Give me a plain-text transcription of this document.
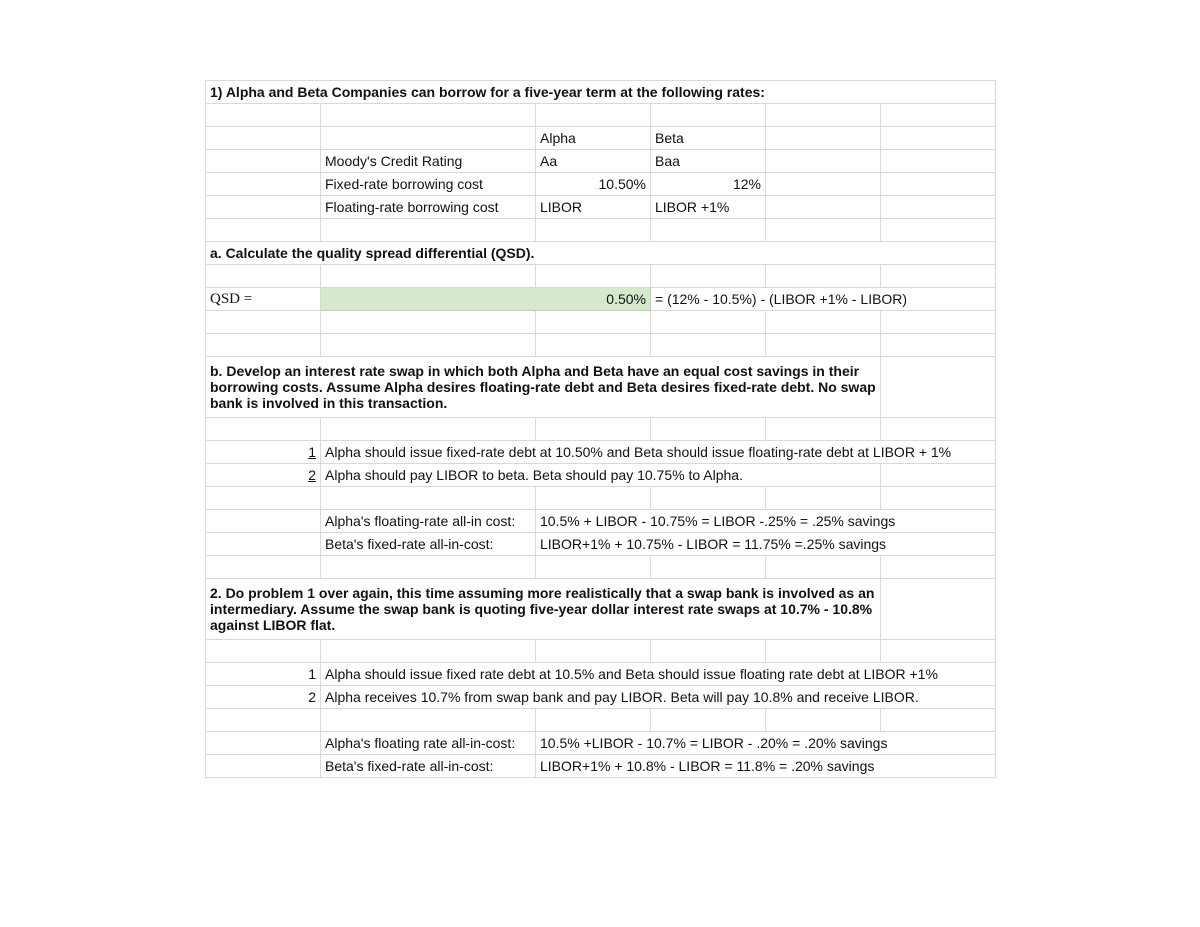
1) Alpha and Beta Companies can borrow for a five-year term at the following rates:					

		Alpha	Beta		
	Moody's Credit Rating	Aa	Baa		
	Fixed-rate borrowing cost	10.50%	12%		
	Floating-rate borrowing cost	LIBOR	LIBOR +1%		

a. Calculate the quality spread differential (QSD).					

QSD =	0.50%		= (12% - 10.5%) - (LIBOR +1% - LIBOR)		

b. Develop an interest rate swap in which both Alpha and Beta have an equal cost savings in their borrowing costs. Assume Alpha desires floating-rate debt and Beta desires fixed-rate debt. No swap bank is involved in this transaction.					

1	Alpha should issue fixed-rate debt at 10.50% and Beta should issue floating-rate debt at LIBOR + 1%				
2	Alpha should pay LIBOR to beta. Beta should pay 10.75% to Alpha.				

	Alpha's floating-rate all-in cost:	10.5% + LIBOR - 10.75% = LIBOR -.25% = .25% savings			
	Beta's fixed-rate all-in-cost:	LIBOR+1% + 10.75% - LIBOR = 11.75% =.25% savings			

2. Do problem 1 over again, this time assuming more realistically that a swap bank is involved as an intermediary. Assume the swap bank is quoting five-year dollar interest rate swaps at 10.7% - 10.8% against LIBOR flat.					

1	Alpha should issue fixed rate debt at 10.5% and Beta should issue floating rate debt at LIBOR +1%				
2	Alpha receives 10.7% from swap bank and pay LIBOR. Beta will pay 10.8% and receive LIBOR.				

	Alpha's floating rate all-in-cost:	10.5% +LIBOR - 10.7% = LIBOR - .20% = .20% savings			
	Beta's fixed-rate all-in-cost:	LIBOR+1% + 10.8% - LIBOR = 11.8% = .20% savings			
